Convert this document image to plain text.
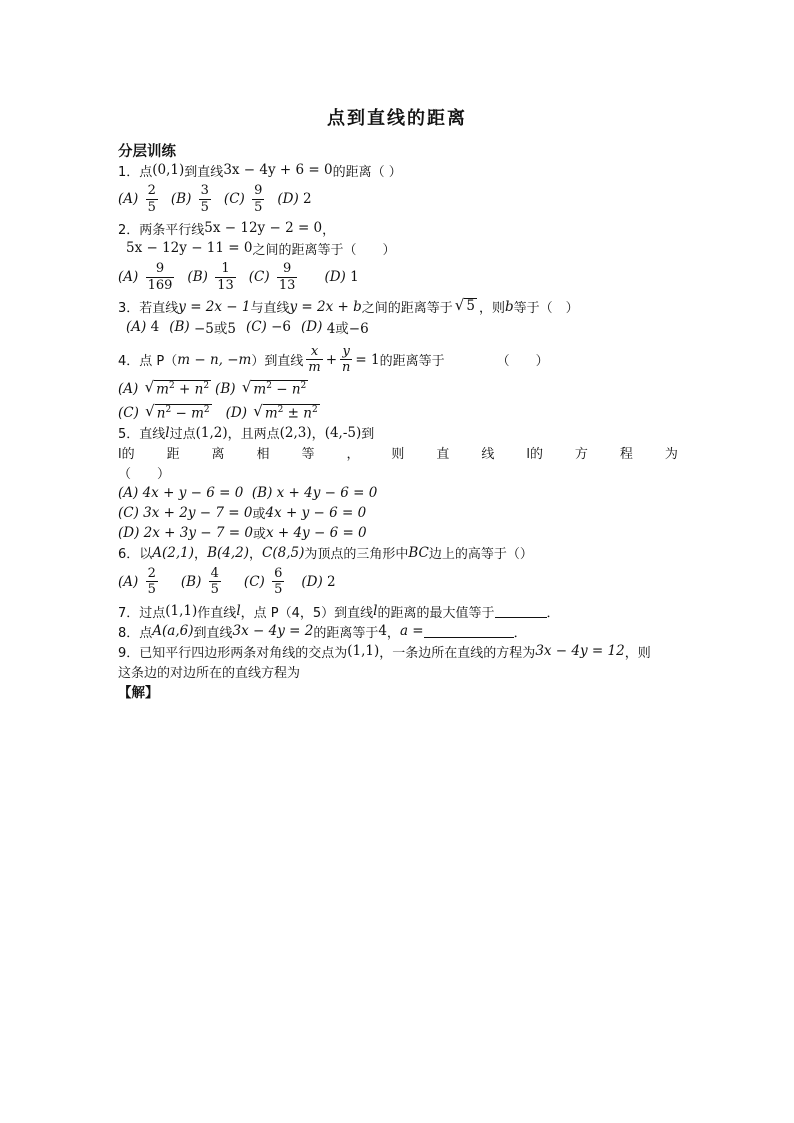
点到直线的距离
分层训练
1．点 (0,1) 到直线 3x − 4y + 6 = 0 的距离（ ）
(A)
$\frac{2}{5} (B)$
$\frac{3}{5} (C)$
$\frac{9}{5} (D)$
2
2．两条平行线 5x − 12y − 2 = 0 ，
5x − 12y − 11 = 0 之间的距离等于（　　）
(A)
$\frac{9}{169} (B)$
$\frac{1}{13} (C)$
$\frac{9}{13} (D)$
1
3．若直线 y = 2x − 1 与直线 y = 2x + b 之间的距离等于 √ 5 ，则 b 等于（　）
(A)
4 (B)
−5或5 (C)
−6 (D)
4或−6
4．点 P（ m − n, −m ）到直线 $\frac{x}{m} + \frac{y}{n} = 1$ 的距离等于	（　　）
(A) √ $m^2 + n^2$ (B) √ $m^2 - n^2$
(C) √ $n^2 - m^2$ (D) √ $m^2 \pm n^2$
5．直线 l 过点 (1,2) ，且两点 (2,3) ， (4,-5) 到
l的 距 离 相 等 ， 则 直 线 l的 方 程 为
（　　）
(A)
4x + y − 6 = 0
(B)
x + 4y − 6 = 0
(C)
3x + 2y − 7 = 0 或 4x + y − 6 = 0
(D)
2x + 3y − 7 = 0 或 x + 4y − 6 = 0
6．以 A(2,1) ， B(4,2) ， C(8,5) 为顶点的三角形中 BC 边上的高等于（）
(A)
$\frac{2}{5} (B)$
$\frac{4}{5} (C)$
$\frac{6}{5} (D)$
2
7．过点 (1,1) 作直线 l ，点 P（4，5）到直线 l 的距离的最大值等于	．
8．点 A(a,6) 到直线 3x − 4y = 2 的距离等于 4 ， a =	．
9．已知平行四边形两条对角线的交点为 (1,1) ，一条边所在直线的方程为 3x − 4y = 12 ，则
这条边的对边所在的直线方程为
【解】
